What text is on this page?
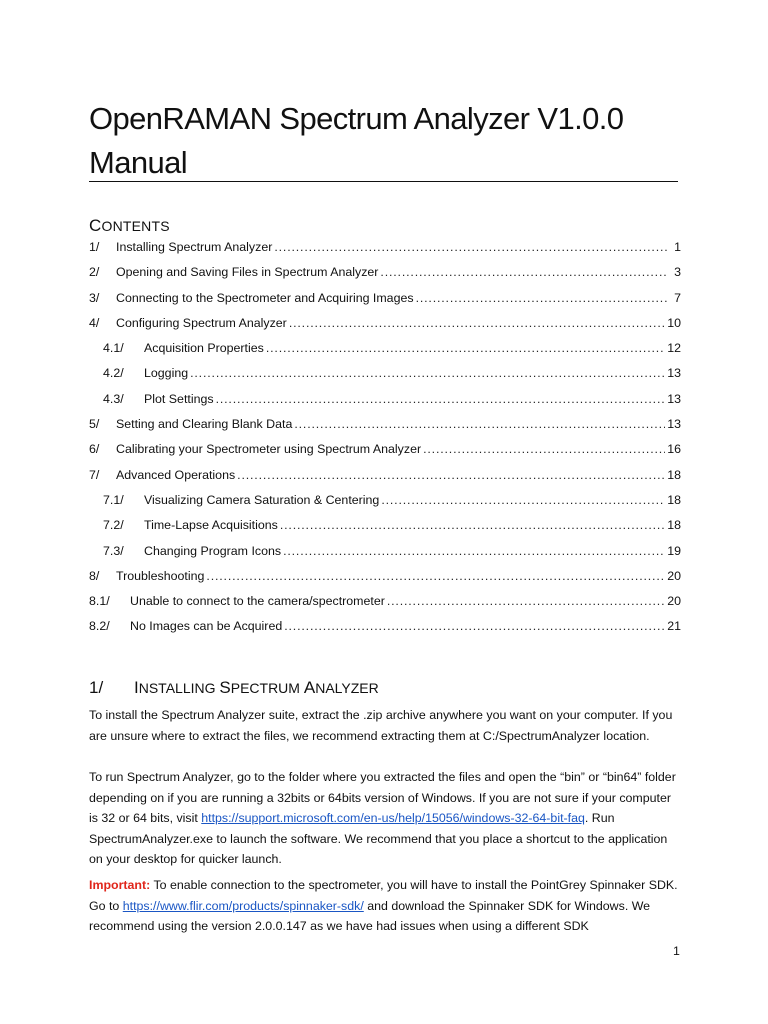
OpenRAMAN Spectrum Analyzer V1.0.0
Manual
CONTENTS
1/	Installing Spectrum Analyzer . . .	1
2/	Opening and Saving Files in Spectrum Analyzer . . .	3
3/	Connecting to the Spectrometer and Acquiring Images . . .	7
4/	Configuring Spectrum Analyzer . . .	10
4.1/	Acquisition Properties . . .	12
4.2/	Logging . . .	13
4.3/	Plot Settings . . .	13
5/	Setting and Clearing Blank Data . . .	13
6/	Calibrating your Spectrometer using Spectrum Analyzer . . .	16
7/	Advanced Operations . . .	18
7.1/	Visualizing Camera Saturation & Centering . . .	18
7.2/	Time-Lapse Acquisitions . . .	18
7.3/	Changing Program Icons . . .	19
8/	Troubleshooting . . .	20
8.1/	Unable to connect to the camera/spectrometer . . .	20
8.2/	No Images can be Acquired . . .	21
1/	INSTALLING SPECTRUM ANALYZER

To install the Spectrum Analyzer suite, extract the .zip archive anywhere you want on your computer. If you are unsure where to extract the files, we recommend extracting them at C:/SpectrumAnalyzer location.

To run Spectrum Analyzer, go to the folder where you extracted the files and open the “bin” or “bin64” folder depending on if you are running a 32bits or 64bits version of Windows. If you are not sure if your computer is 32 or 64 bits, visit https://support.microsoft.com/en-us/help/15056/windows-32-64-bit-faq. Run SpectrumAnalyzer.exe to launch the software. We recommend that you place a shortcut to the application on your desktop for quicker launch.

Important: To enable connection to the spectrometer, you will have to install the PointGrey Spinnaker SDK. Go to https://www.flir.com/products/spinnaker-sdk/ and download the Spinnaker SDK for Windows. We recommend using the version 2.0.0.147 as we have had issues when using a different SDK

1
